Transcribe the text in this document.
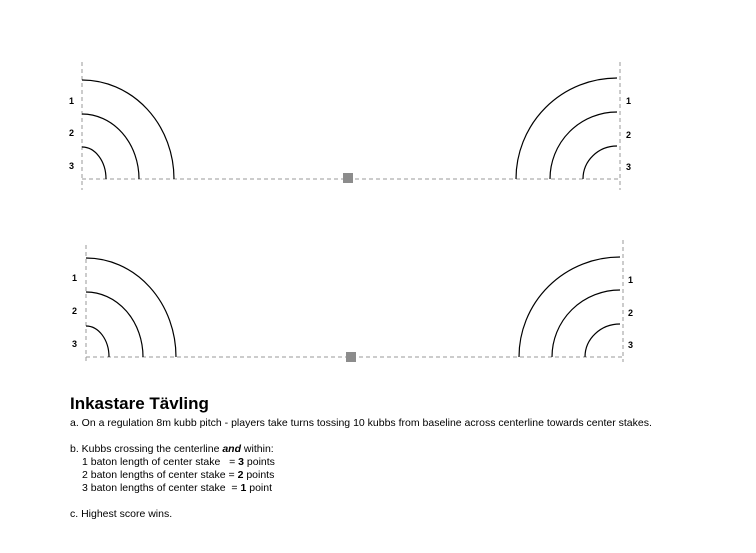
1
2
3
1
2
3
1
2
3
1
2
3
Inkastare Tävling
a. On a regulation 8m kubb pitch - players take turns tossing 10 kubbs from baseline across centerline towards center stakes.
b. Kubbs crossing the centerline and within:
1 baton length of center stake   = 3 points
2 baton lengths of center stake = 2 points
3 baton lengths of center stake  = 1 point
c. Highest score wins.
